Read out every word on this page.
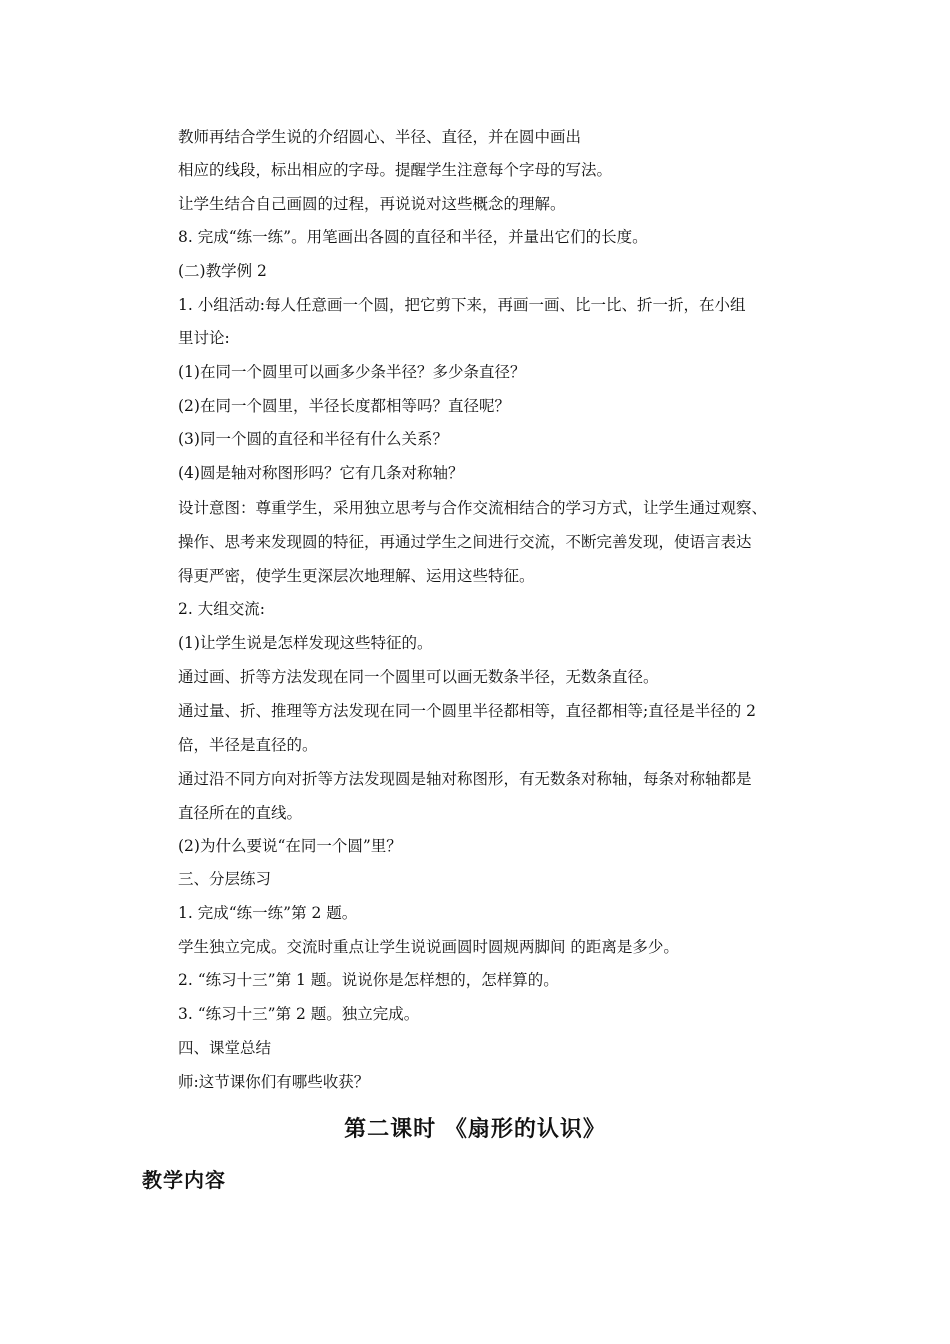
教师再结合学生说的介绍圆心、半径、直径，并在圆中画出
相应的线段，标出相应的字母。提醒学生注意每个字母的写法。
让学生结合自己画圆的过程，再说说对这些概念的理解。
8. 完成“练一练”。用笔画出各圆的直径和半径，并量出它们的长度。
(二)教学例 2
1. 小组活动:每人任意画一个圆，把它剪下来，再画一画、比一比、折一折，在小组
里讨论:
(1)在同一个圆里可以画多少条半径？多少条直径？
(2)在同一个圆里，半径长度都相等吗？直径呢？
(3)同一个圆的直径和半径有什么关系？
(4)圆是轴对称图形吗？它有几条对称轴？
设计意图：尊重学生，采用独立思考与合作交流相结合的学习方式，让学生通过观察、
操作、思考来发现圆的特征，再通过学生之间进行交流，不断完善发现，使语言表达
得更严密，使学生更深层次地理解、运用这些特征。
2. 大组交流:
(1)让学生说是怎样发现这些特征的。
通过画、折等方法发现在同一个圆里可以画无数条半径，无数条直径。
通过量、折、推理等方法发现在同一个圆里半径都相等，直径都相等;直径是半径的 2
倍，半径是直径的。
通过沿不同方向对折等方法发现圆是轴对称图形，有无数条对称轴，每条对称轴都是
直径所在的直线。
(2)为什么要说“在同一个圆”里？
三、分层练习
1. 完成“练一练”第 2 题。
学生独立完成。交流时重点让学生说说画圆时圆规两脚间 的距离是多少。
2. “练习十三”第 1 题。说说你是怎样想的，怎样算的。
3. “练习十三”第 2 题。独立完成。
四、课堂总结
师:这节课你们有哪些收获？
第二课时 《扇形的认识》
教学内容
